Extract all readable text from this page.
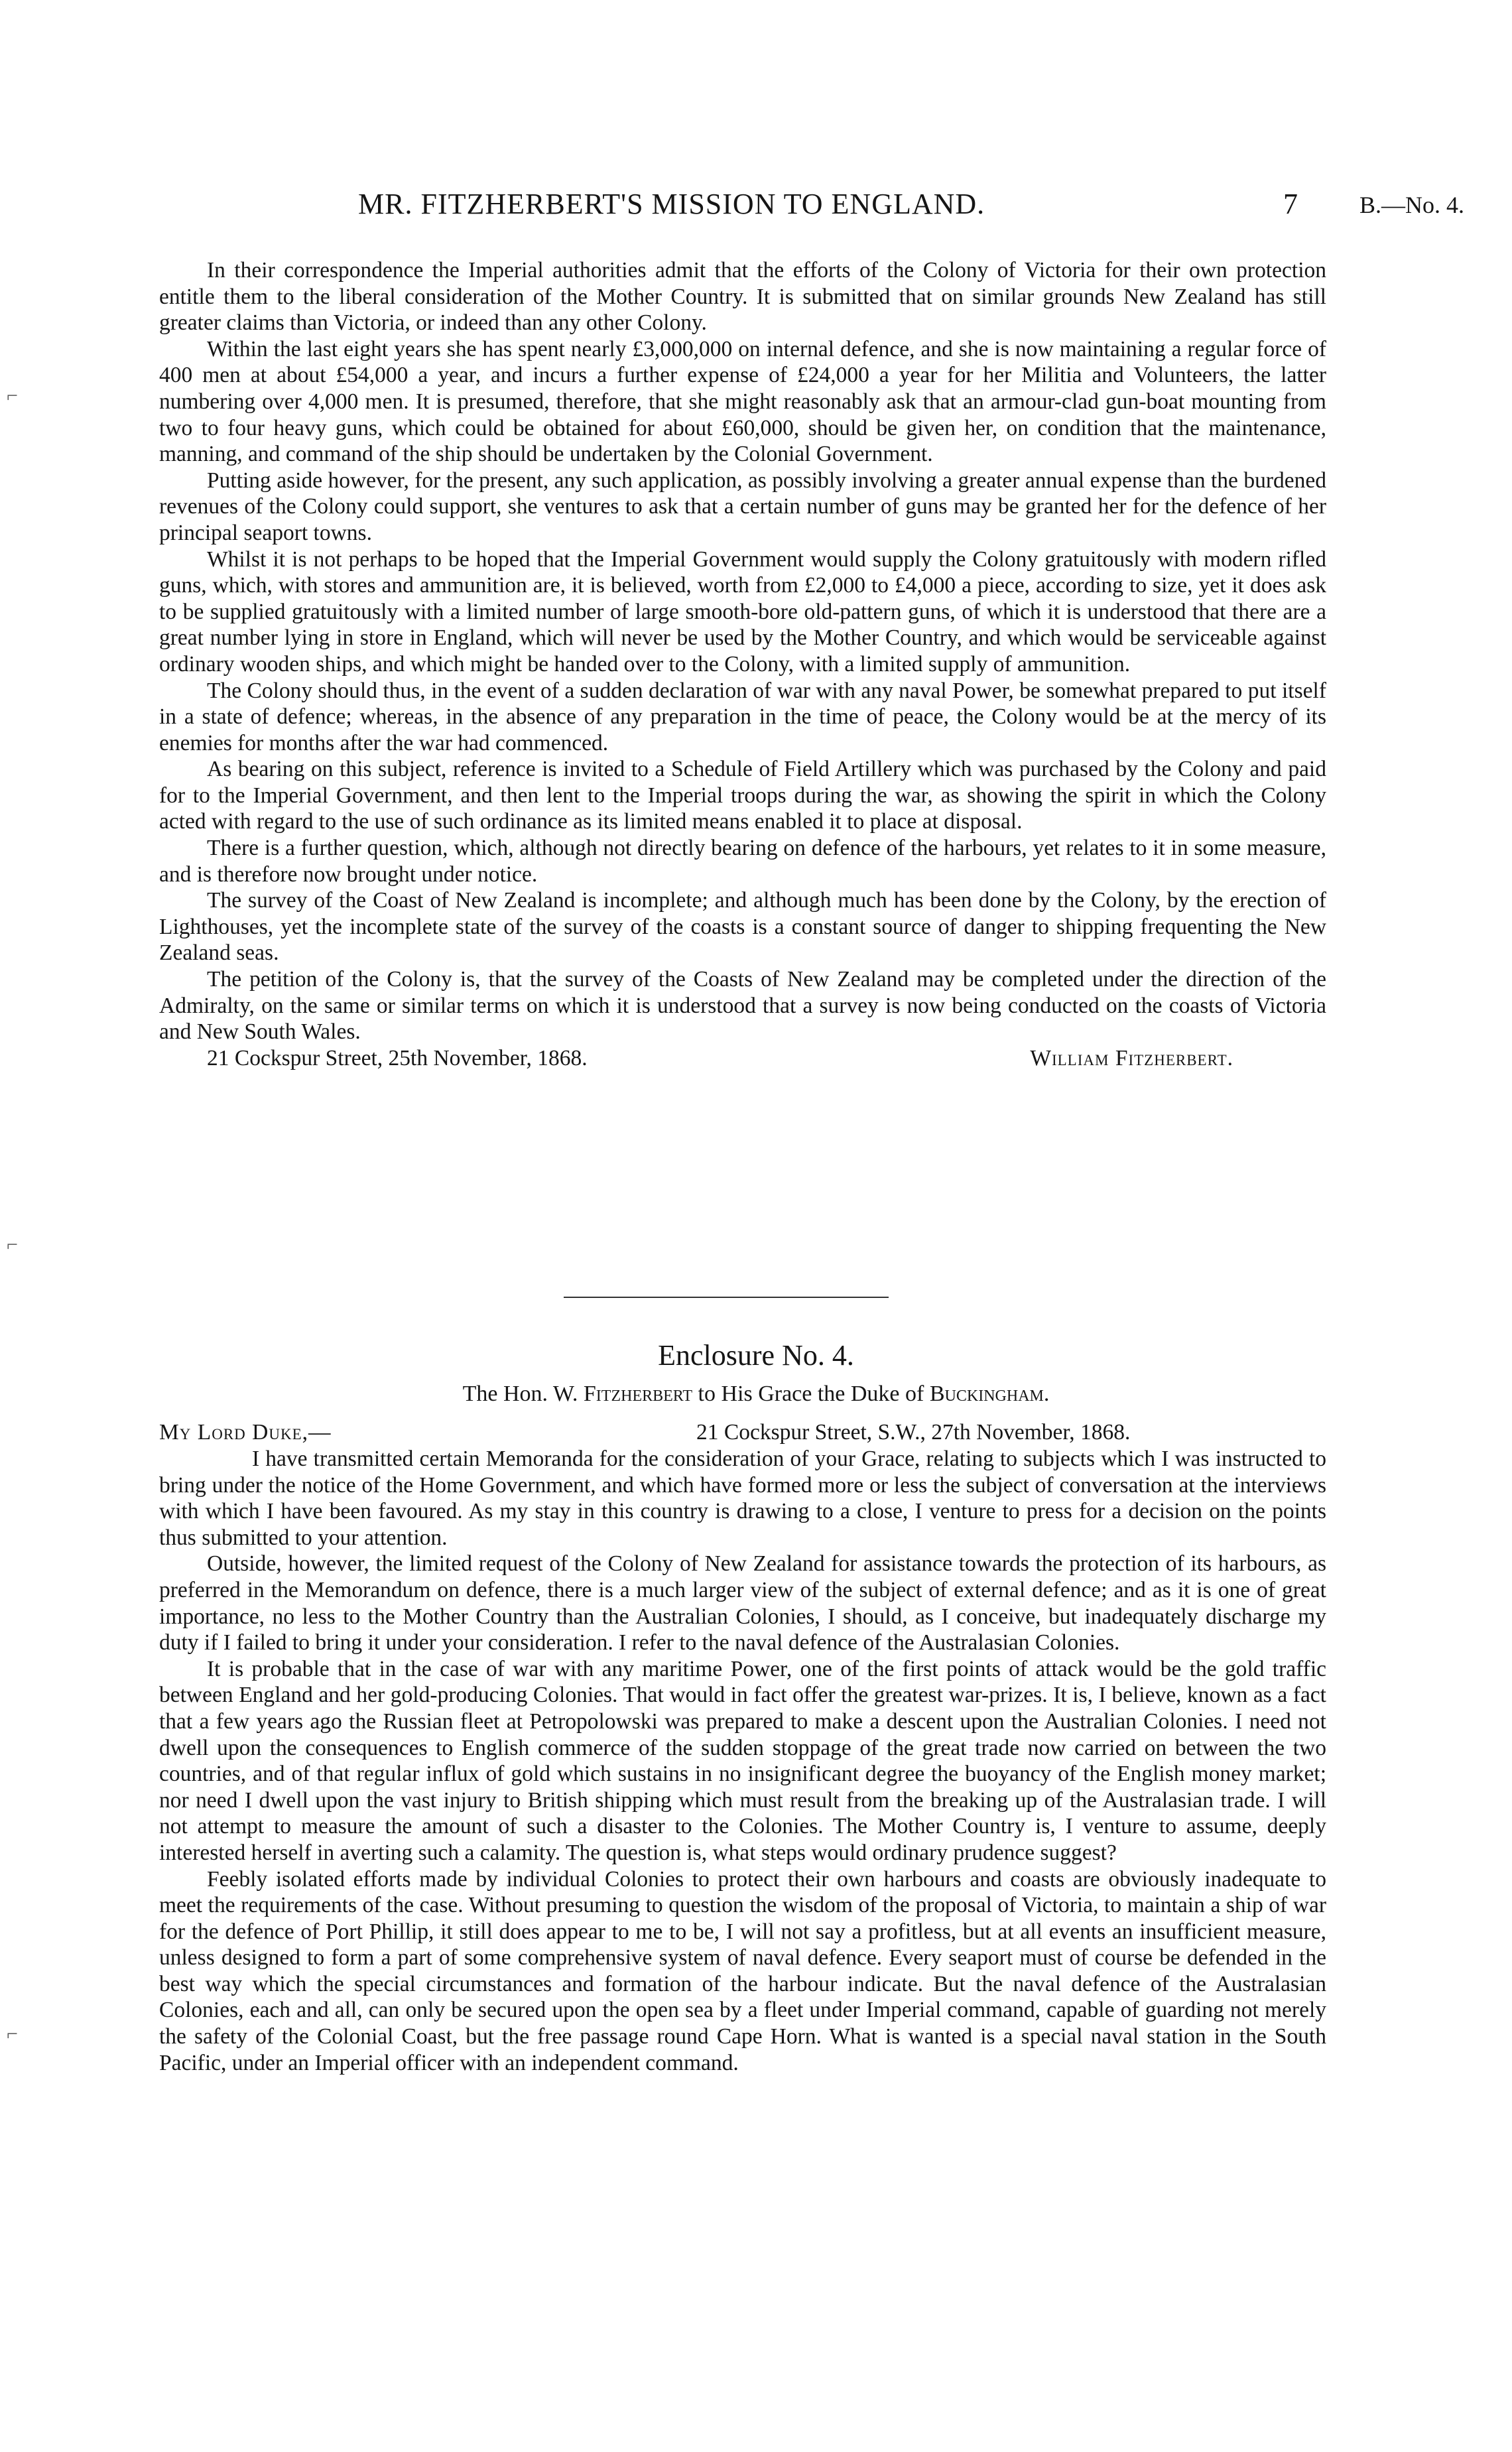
MR. FITZHERBERT'S MISSION TO ENGLAND.	7	B.—No. 4.

In their correspondence the Imperial authorities admit that the efforts of the Colony of Victoria for their own protection entitle them to the liberal consideration of the Mother Country. It is submitted that on similar grounds New Zealand has still greater claims than Victoria, or indeed than any other Colony.

Within the last eight years she has spent nearly £3,000,000 on internal defence, and she is now maintaining a regular force of 400 men at about £54,000 a year, and incurs a further expense of £24,000 a year for her Militia and Volunteers, the latter numbering over 4,000 men. It is presumed, therefore, that she might reasonably ask that an armour-clad gun-boat mounting from two to four heavy guns, which could be obtained for about £60,000, should be given her, on condition that the maintenance, manning, and command of the ship should be undertaken by the Colonial Government.

Putting aside however, for the present, any such application, as possibly involving a greater annual expense than the burdened revenues of the Colony could support, she ventures to ask that a certain number of guns may be granted her for the defence of her principal seaport towns.

Whilst it is not perhaps to be hoped that the Imperial Government would supply the Colony gratuitously with modern rifled guns, which, with stores and ammunition are, it is believed, worth from £2,000 to £4,000 a piece, according to size, yet it does ask to be supplied gratuitously with a limited number of large smooth-bore old-pattern guns, of which it is understood that there are a great number lying in store in England, which will never be used by the Mother Country, and which would be serviceable against ordinary wooden ships, and which might be handed over to the Colony, with a limited supply of ammunition.

The Colony should thus, in the event of a sudden declaration of war with any naval Power, be somewhat prepared to put itself in a state of defence; whereas, in the absence of any preparation in the time of peace, the Colony would be at the mercy of its enemies for months after the war had commenced.

As bearing on this subject, reference is invited to a Schedule of Field Artillery which was purchased by the Colony and paid for to the Imperial Government, and then lent to the Imperial troops during the war, as showing the spirit in which the Colony acted with regard to the use of such ordinance as its limited means enabled it to place at disposal.

There is a further question, which, although not directly bearing on defence of the harbours, yet relates to it in some measure, and is therefore now brought under notice.

The survey of the Coast of New Zealand is incomplete; and although much has been done by the Colony, by the erection of Lighthouses, yet the incomplete state of the survey of the coasts is a constant source of danger to shipping frequenting the New Zealand seas.

The petition of the Colony is, that the survey of the Coasts of New Zealand may be completed under the direction of the Admiralty, on the same or similar terms on which it is understood that a survey is now being conducted on the coasts of Victoria and New South Wales.

21 Cockspur Street, 25th November, 1868.	William Fitzherbert.
Enclosure No. 4.
The Hon. W. Fitzherbert to His Grace the Duke of Buckingham.
My Lord Duke,—	21 Cockspur Street, S.W., 27th November, 1868.

I have transmitted certain Memoranda for the consideration of your Grace, relating to subjects which I was instructed to bring under the notice of the Home Government, and which have formed more or less the subject of conversation at the interviews with which I have been favoured. As my stay in this country is drawing to a close, I venture to press for a decision on the points thus submitted to your attention.

Outside, however, the limited request of the Colony of New Zealand for assistance towards the protection of its harbours, as preferred in the Memorandum on defence, there is a much larger view of the subject of external defence; and as it is one of great importance, no less to the Mother Country than the Australian Colonies, I should, as I conceive, but inadequately discharge my duty if I failed to bring it under your consideration. I refer to the naval defence of the Australasian Colonies.

It is probable that in the case of war with any maritime Power, one of the first points of attack would be the gold traffic between England and her gold-producing Colonies. That would in fact offer the greatest war-prizes. It is, I believe, known as a fact that a few years ago the Russian fleet at Petropolowski was prepared to make a descent upon the Australian Colonies. I need not dwell upon the consequences to English commerce of the sudden stoppage of the great trade now carried on between the two countries, and of that regular influx of gold which sustains in no insignificant degree the buoyancy of the English money market; nor need I dwell upon the vast injury to British shipping which must result from the breaking up of the Australasian trade. I will not attempt to measure the amount of such a disaster to the Colonies. The Mother Country is, I venture to assume, deeply interested herself in averting such a calamity. The question is, what steps would ordinary prudence suggest?

Feebly isolated efforts made by individual Colonies to protect their own harbours and coasts are obviously inadequate to meet the requirements of the case. Without presuming to question the wisdom of the proposal of Victoria, to maintain a ship of war for the defence of Port Phillip, it still does appear to me to be, I will not say a profitless, but at all events an insufficient measure, unless designed to form a part of some comprehensive system of naval defence. Every seaport must of course be defended in the best way which the special circumstances and formation of the harbour indicate. But the naval defence of the Australasian Colonies, each and all, can only be secured upon the open sea by a fleet under Imperial command, capable of guarding not merely the safety of the Colonial Coast, but the free passage round Cape Horn. What is wanted is a special naval station in the South Pacific, under an Imperial officer with an independent command.

⌐
⌐
⌐
